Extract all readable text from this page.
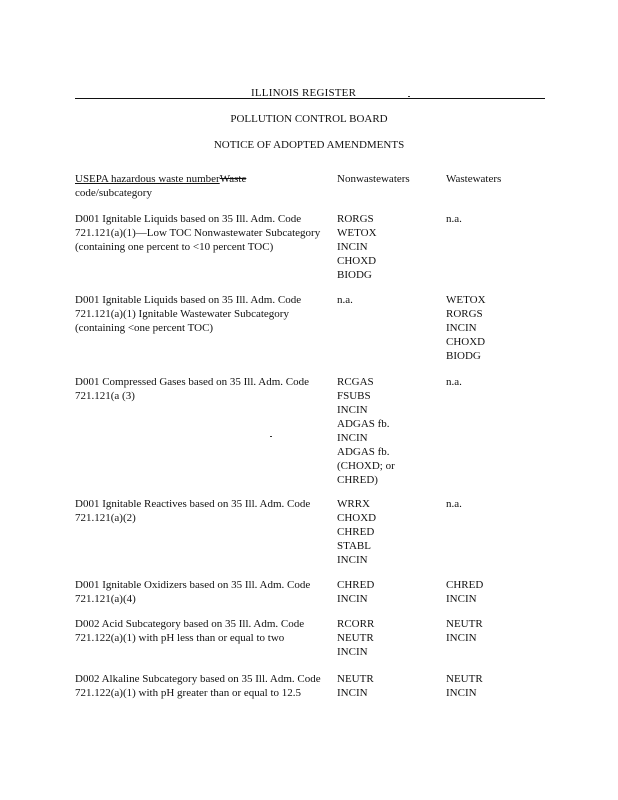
ILLINOIS REGISTER
POLLUTION CONTROL BOARD
NOTICE OF ADOPTED AMENDMENTS
USEPA hazardous waste numberWaste
code/subcategory
Nonwastewaters	Wastewaters
D001 Ignitable Liquids based on 35 Ill. Adm. Code 721.121(a)(1)—Low TOC Nonwastewater Subcategory (containing one percent to <10 percent TOC)
RORGS
WETOX
INCIN
CHOXD
BIODG
n.a.
D001 Ignitable Liquids based on 35 Ill. Adm. Code 721.121(a)(1) Ignitable Wastewater Subcategory (containing <one percent TOC)
n.a.	WETOX
RORGS
INCIN
CHOXD
BIODG
D001 Compressed Gases based on 35 Ill. Adm. Code 721.121(a (3)
RCGAS
FSUBS
INCIN
ADGAS fb.
INCIN
ADGAS fb.
(CHOXD; or
CHRED)
n.a.
D001 Ignitable Reactives based on 35 Ill. Adm. Code 721.121(a)(2)
WRRX
CHOXD
CHRED
STABL
INCIN
n.a.
D001 Ignitable Oxidizers based on 35 Ill. Adm. Code 721.121(a)(4)
CHRED
INCIN
CHRED
INCIN
D002 Acid Subcategory based on 35 Ill. Adm. Code 721.122(a)(1) with pH less than or equal to two
RCORR
NEUTR
INCIN
NEUTR
INCIN
D002 Alkaline Subcategory based on 35 Ill. Adm. Code 721.122(a)(1) with pH greater than or equal to 12.5
NEUTR
INCIN
NEUTR
INCIN
